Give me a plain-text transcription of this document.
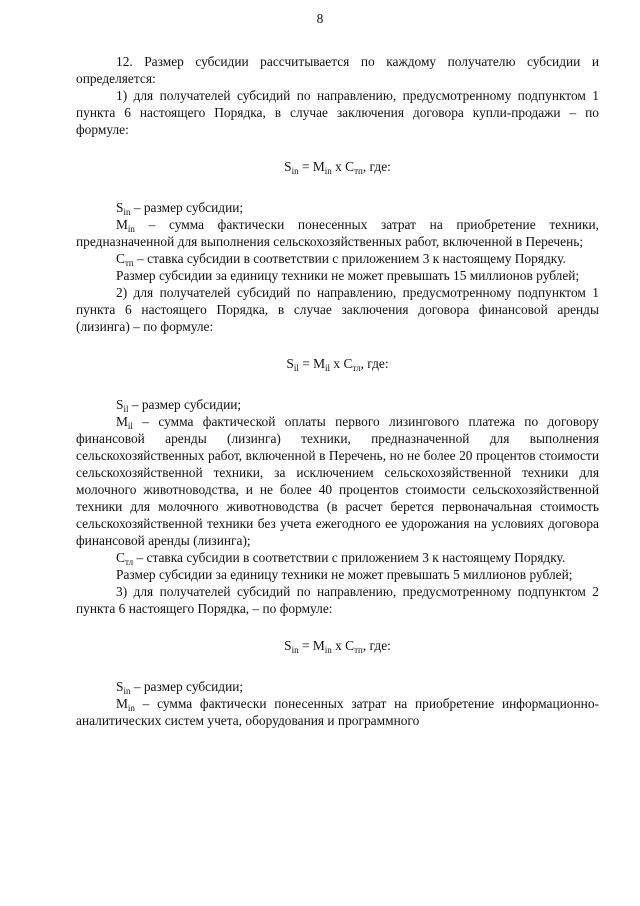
8

12. Размер субсидии рассчитывается по каждому получателю субсидии и определяется:

1) для получателей субсидий по направлению, предусмотренному подпунктом 1 пункта 6 настоящего Порядка, в случае заключения договора купли-продажи – по формуле:

$S_{in} = M_{in}$ x $C_{тп}$, где:

$S_{in}$ – размер субсидии;

$M_{in}$ – сумма фактически понесенных затрат на приобретение техники, предназначенной для выполнения сельскохозяйственных работ, включенной в Перечень;

$C_{тп}$ – ставка субсидии в соответствии с приложением 3 к настоящему Порядку.

Размер субсидии за единицу техники не может превышать 15 миллионов рублей;

2) для получателей субсидий по направлению, предусмотренному подпунктом 1 пункта 6 настоящего Порядка, в случае заключения договора финансовой аренды (лизинга) – по формуле:

$S_{il} = M_{il}$ x $C_{тл}$, где:

$S_{il}$ – размер субсидии;

$M_{il}$ – сумма фактической оплаты первого лизингового платежа по договору финансовой аренды (лизинга) техники, предназначенной для выполнения сельскохозяйственных работ, включенной в Перечень, но не более 20 процентов стоимости сельскохозяйственной техники, за исключением сельскохозяйственной техники для молочного животноводства, и не более 40 процентов стоимости сельскохозяйственной техники для молочного животноводства (в расчет берется первоначальная стоимость сельскохозяйственной техники без учета ежегодного ее удорожания на условиях договора финансовой аренды (лизинга);

$C_{тл}$ – ставка субсидии в соответствии с приложением 3 к настоящему Порядку.

Размер субсидии за единицу техники не может превышать 5 миллионов рублей;

3) для получателей субсидий по направлению, предусмотренному подпунктом 2 пункта 6 настоящего Порядка, – по формуле:

$S_{in} = M_{in}$ x $C_{тп}$, где:

$S_{in}$ – размер субсидии;

$M_{in}$ – сумма фактически понесенных затрат на приобретение информационно-аналитических систем учета, оборудования и программного
